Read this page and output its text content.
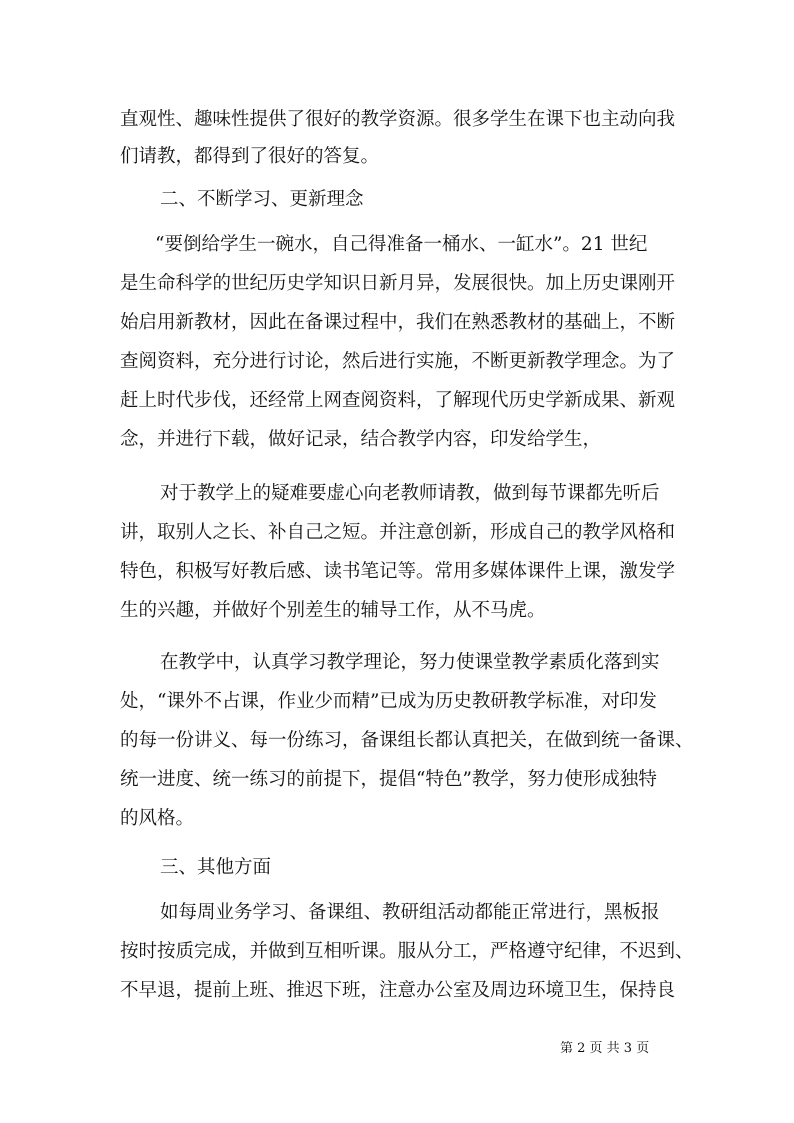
直观性、趣味性提供了很好的教学资源。很多学生在课下也主动向我
们请教，都得到了很好的答复。
二、不断学习、更新理念
“要倒给学生一碗水，自己得准备一桶水、一缸水”。21 世纪
是生命科学的世纪历史学知识日新月异，发展很快。加上历史课刚开
始启用新教材，因此在备课过程中，我们在熟悉教材的基础上，不断
查阅资料，充分进行讨论，然后进行实施，不断更新教学理念。为了
赶上时代步伐，还经常上网查阅资料，了解现代历史学新成果、新观
念，并进行下载，做好记录，结合教学内容，印发给学生，
对于教学上的疑难要虚心向老教师请教，做到每节课都先听后
讲，取别人之长、补自己之短。并注意创新，形成自己的教学风格和
特色，积极写好教后感、读书笔记等。常用多媒体课件上课，激发学
生的兴趣，并做好个别差生的辅导工作，从不马虎。
在教学中，认真学习教学理论，努力使课堂教学素质化落到实
处，“课外不占课，作业少而精”已成为历史教研教学标准，对印发
的每一份讲义、每一份练习，备课组长都认真把关，在做到统一备课、
统一进度、统一练习的前提下，提倡“特色”教学，努力使形成独特
的风格。
三、其他方面
如每周业务学习、备课组、教研组活动都能正常进行，黑板报
按时按质完成，并做到互相听课。服从分工，严格遵守纪律，不迟到、
不早退，提前上班、推迟下班，注意办公室及周边环境卫生，保持良
第 2 页 共 3 页
